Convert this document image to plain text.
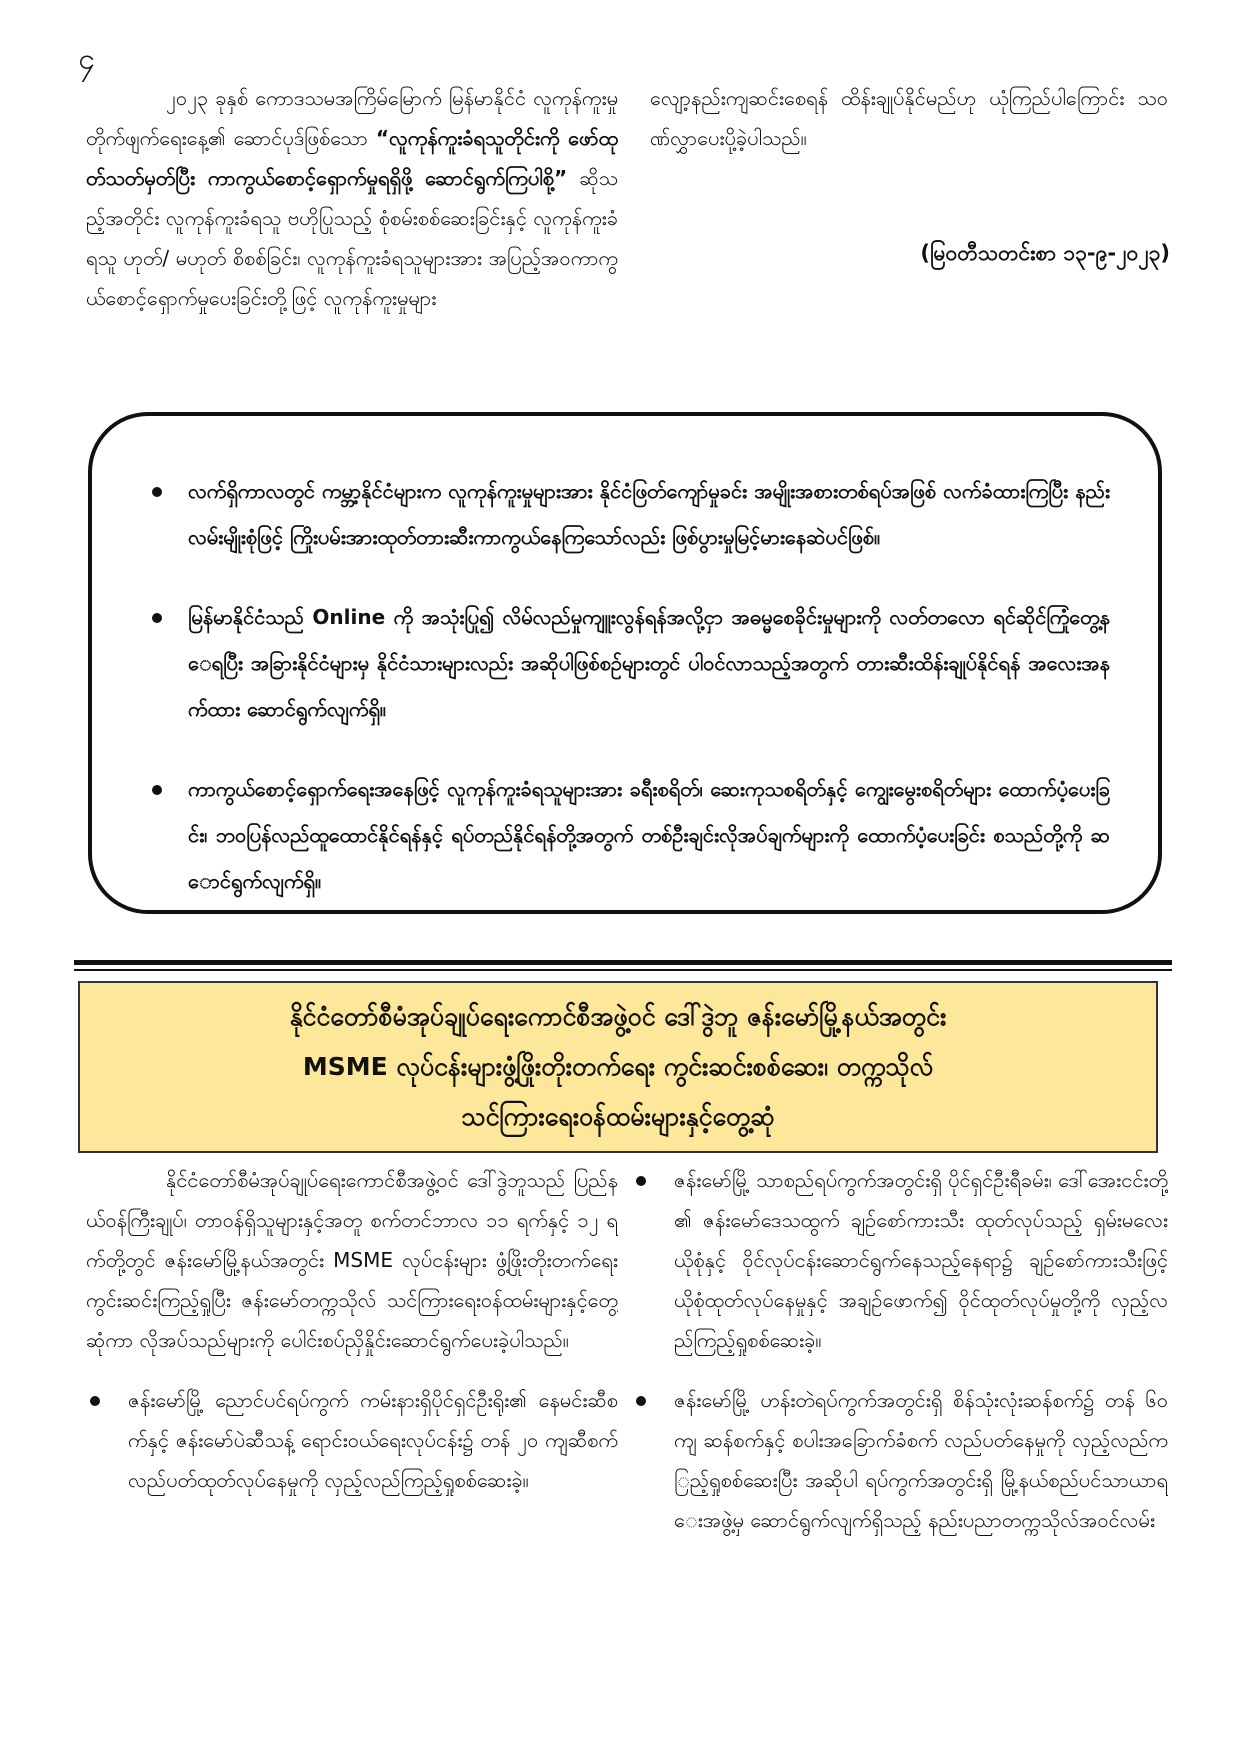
၄

၂၀၂၃ ခုနှစ် ကောဒသမအကြိမ်မြောက် မြန်မာနိုင်ငံ လူကုန်ကူးမှုတိုက်ဖျက်ရေးနေ့၏ ဆောင်ပုဒ်ဖြစ်သော “လူကုန်ကူးခံရသူတိုင်းကို ဖော်ထုတ်သတ်မှတ်ပြီး ကာကွယ်စောင့်ရှောက်မှုရရှိဖို့ ဆောင်ရွက်ကြပါစို့” ဆိုသည့်အတိုင်း လူကုန်ကူးခံရသူ ဗဟိုပြုသည့် စုံစမ်းစစ်ဆေးခြင်းနှင့် လူကုန်ကူးခံရသူ ဟုတ်/ မဟုတ် စိစစ်ခြင်း၊ လူကုန်ကူးခံရသူများအား အပြည့်အဝကာကွယ်စောင့်ရှောက်မှုပေးခြင်းတို့ဖြင့် လူကုန်ကူးမှုများ

လျော့နည်းကျဆင်းစေရန် ထိန်းချုပ်နိုင်မည်ဟု ယုံကြည်ပါကြောင်း သဝဏ်လွှာပေးပို့ခဲ့ပါသည်။

(မြဝတီသတင်းစာ ၁၃-၉-၂၀၂၃)
လက်ရှိကာလတွင် ကမ္ဘာ့နိုင်ငံများက လူကုန်ကူးမှုများအား နိုင်ငံဖြတ်ကျော်မှုခင်း အမျိုးအစားတစ်ရပ်အဖြစ် လက်ခံထားကြပြီး နည်းလမ်းမျိုးစုံဖြင့် ကြိုးပမ်းအားထုတ်တားဆီးကာကွယ်နေကြသော်လည်း ဖြစ်ပွားမှုမြင့်မားနေဆဲပင်ဖြစ်။
မြန်မာနိုင်ငံသည် Online ကို အသုံးပြု၍ လိမ်လည်မှုကျူးလွန်ရန်အလို့ငှာ အဓမ္မစေခိုင်းမှုများကို လတ်တလော ရင်ဆိုင်ကြုံတွေ့နေရပြီး အခြားနိုင်ငံများမှ နိုင်ငံသားများလည်း အဆိုပါဖြစ်စဉ်များတွင် ပါဝင်လာသည့်အတွက် တားဆီးထိန်းချုပ်နိုင်ရန် အလေးအနက်ထား ဆောင်ရွက်လျက်ရှိ။
ကာကွယ်စောင့်ရှောက်ရေးအနေဖြင့် လူကုန်ကူးခံရသူများအား ခရီးစရိတ်၊ ဆေးကုသစရိတ်နှင့် ကျွေးမွေးစရိတ်များ ထောက်ပံ့ပေးခြင်း၊ ဘဝပြန်လည်ထူထောင်နိုင်ရန်နှင့် ရပ်တည်နိုင်ရန်တို့အတွက် တစ်ဦးချင်းလိုအပ်ချက်များကို ထောက်ပံ့ပေးခြင်း စသည်တို့ကို ဆောင်ရွက်လျက်ရှိ။
နိုင်ငံတော်စီမံအုပ်ချုပ်ရေးကောင်စီအဖွဲ့ဝင် ဒေါ်ဒွဲဘူ ဇန်းမော်မြို့နယ်အတွင်း
MSME လုပ်ငန်းများဖွံ့ဖြိုးတိုးတက်ရေး ကွင်းဆင်းစစ်ဆေး၊ တက္ကသိုလ်
သင်ကြားရေးဝန်ထမ်းများနှင့်တွေ့ဆုံ

နိုင်ငံတော်စီမံအုပ်ချုပ်ရေးကောင်စီအဖွဲ့ဝင် ဒေါ်ဒွဲဘူသည် ပြည်နယ်ဝန်ကြီးချုပ်၊ တာဝန်ရှိသူများနှင့်အတူ စက်တင်ဘာလ ၁၁ ရက်နှင့် ၁၂ ရက်တို့တွင် ဇန်းမော်မြို့နယ်အတွင်း MSME လုပ်ငန်းများ ဖွံ့ဖြိုးတိုးတက်ရေးကွင်းဆင်းကြည့်ရှုပြီး ဇန်းမော်တက္ကသိုလ် သင်ကြားရေးဝန်ထမ်းများနှင့်တွေ့ဆုံကာ လိုအပ်သည်များကို ပေါင်းစပ်ညှိနှိုင်းဆောင်ရွက်ပေးခဲ့ပါသည်။

ဇန်းမော်မြို့ ညောင်ပင်ရပ်ကွက် ကမ်းနားရှိပိုင်ရှင်ဦးရိုး၏ နေမင်းဆီစက်နှင့် ဇန်းမော်ပဲဆီသန့် ရောင်းဝယ်ရေးလုပ်ငန်း၌ တန် ၂၀ ကျဆီစက် လည်ပတ်ထုတ်လုပ်နေမှုကို လှည့်လည်ကြည့်ရှုစစ်ဆေးခဲ့။

ဇန်းမော်မြို့ သာစည်ရပ်ကွက်အတွင်းရှိ ပိုင်ရှင်ဦးရီခမ်း၊ ဒေါ်အေးငင်းတို့၏ ဇန်းမော်ဒေသထွက် ချဉ်စော်ကားသီး ထုတ်လုပ်သည့် ရှမ်းမလေးယိုစုံနှင့် ဝိုင်လုပ်ငန်းဆောင်ရွက်နေသည့်နေရာ၌ ချဉ်စော်ကားသီးဖြင့် ယိုစုံထုတ်လုပ်နေမှုနှင့် အချဉ်ဖောက်၍ ဝိုင်ထုတ်လုပ်မှုတို့ကို လှည့်လည်ကြည့်ရှုစစ်ဆေးခဲ့။

ဇန်းမော်မြို့ ဟန်းတဲရပ်ကွက်အတွင်းရှိ စိန်သုံးလုံးဆန်စက်၌ တန် ၆၀ ကျ ဆန်စက်နှင့် စပါးအခြောက်ခံစက် လည်ပတ်နေမှုကို လှည့်လည်ကြည့်ရှုစစ်ဆေးပြီး အဆိုပါ ရပ်ကွက်အတွင်းရှိ မြို့နယ်စည်ပင်သာယာရေးအဖွဲ့မှ ဆောင်ရွက်လျက်ရှိသည့် နည်းပညာတက္ကသိုလ်အဝင်လမ်း
